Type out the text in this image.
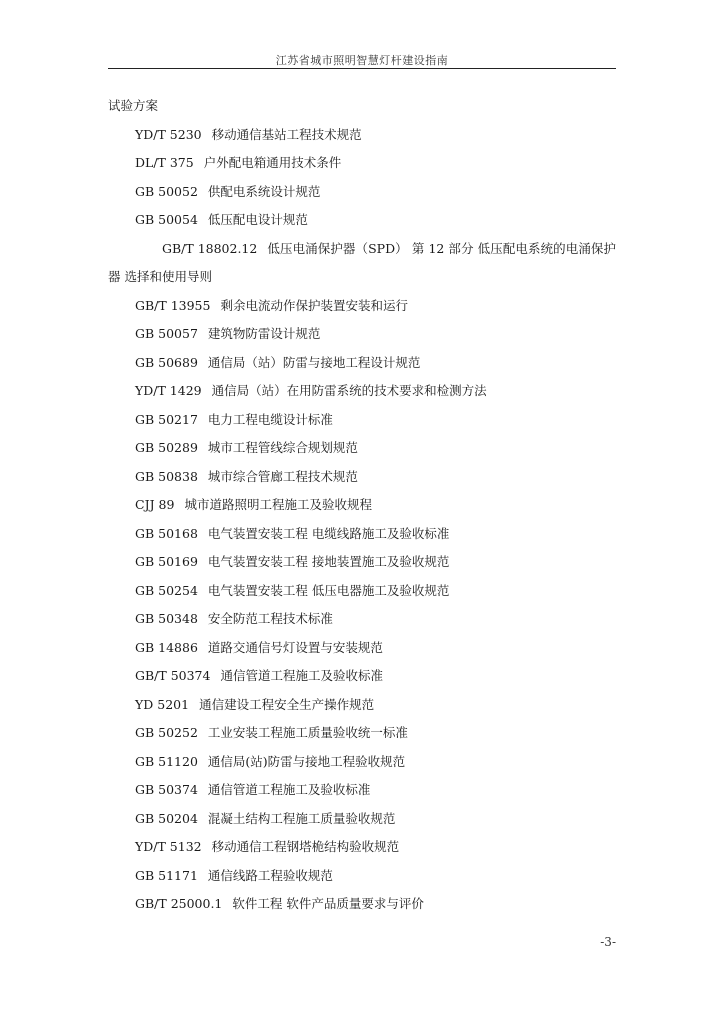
江苏省城市照明智慧灯杆建设指南
试验方案
YD/T 5230 移动通信基站工程技术规范
DL/T 375 户外配电箱通用技术条件
GB 50052 供配电系统设计规范
GB 50054 低压配电设计规范
GB/T 18802.12 低压电涌保护器（SPD） 第 12 部分 低压配电系统的电涌保护器 选择和使用导则
GB/T 13955 剩余电流动作保护装置安装和运行
GB 50057 建筑物防雷设计规范
GB 50689 通信局（站）防雷与接地工程设计规范
YD/T 1429 通信局（站）在用防雷系统的技术要求和检测方法
GB 50217 电力工程电缆设计标准
GB 50289 城市工程管线综合规划规范
GB 50838 城市综合管廊工程技术规范
CJJ 89 城市道路照明工程施工及验收规程
GB 50168 电气装置安装工程 电缆线路施工及验收标准
GB 50169 电气装置安装工程 接地装置施工及验收规范
GB 50254 电气装置安装工程 低压电器施工及验收规范
GB 50348 安全防范工程技术标准
GB 14886 道路交通信号灯设置与安装规范
GB/T 50374 通信管道工程施工及验收标准
YD 5201 通信建设工程安全生产操作规范
GB 50252 工业安装工程施工质量验收统一标准
GB 51120 通信局(站)防雷与接地工程验收规范
GB 50374 通信管道工程施工及验收标准
GB 50204 混凝土结构工程施工质量验收规范
YD/T 5132 移动通信工程钢塔桅结构验收规范
GB 51171 通信线路工程验收规范
GB/T 25000.1 软件工程 软件产品质量要求与评价
-3-
